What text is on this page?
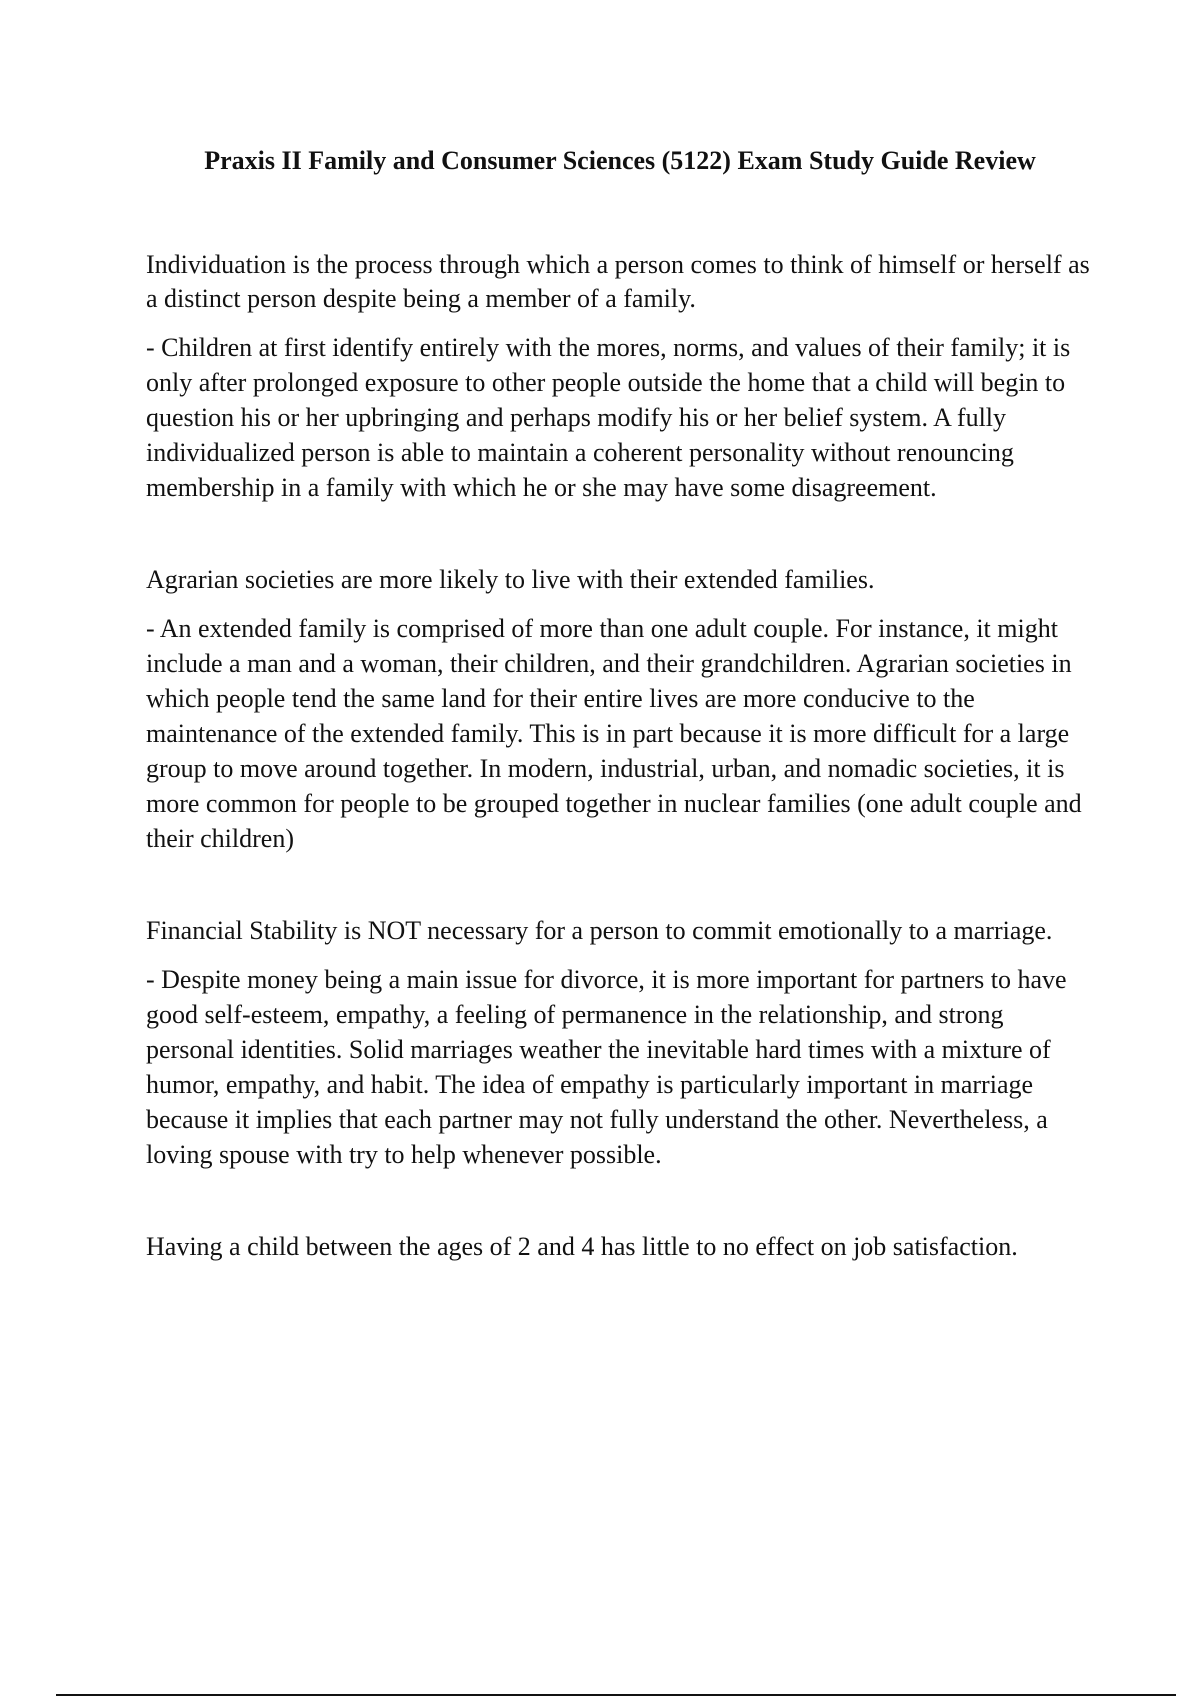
Praxis II Family and Consumer Sciences (5122) Exam Study Guide Review

Individuation is the process through which a person comes to think of himself or herself as a distinct person despite being a member of a family.

- Children at first identify entirely with the mores, norms, and values of their family; it is only after prolonged exposure to other people outside the home that a child will begin to question his or her upbringing and perhaps modify his or her belief system. A fully individualized person is able to maintain a coherent personality without renouncing membership in a family with which he or she may have some disagreement.

Agrarian societies are more likely to live with their extended families.

- An extended family is comprised of more than one adult couple. For instance, it might include a man and a woman, their children, and their grandchildren. Agrarian societies in which people tend the same land for their entire lives are more conducive to the maintenance of the extended family. This is in part because it is more difficult for a large group to move around together. In modern, industrial, urban, and nomadic societies, it is more common for people to be grouped together in nuclear families (one adult couple and their children)

Financial Stability is NOT necessary for a person to commit emotionally to a marriage.

- Despite money being a main issue for divorce, it is more important for partners to have good self-esteem, empathy, a feeling of permanence in the relationship, and strong personal identities. Solid marriages weather the inevitable hard times with a mixture of humor, empathy, and habit. The idea of empathy is particularly important in marriage because it implies that each partner may not fully understand the other. Nevertheless, a loving spouse with try to help whenever possible.

Having a child between the ages of 2 and 4 has little to no effect on job satisfaction.
